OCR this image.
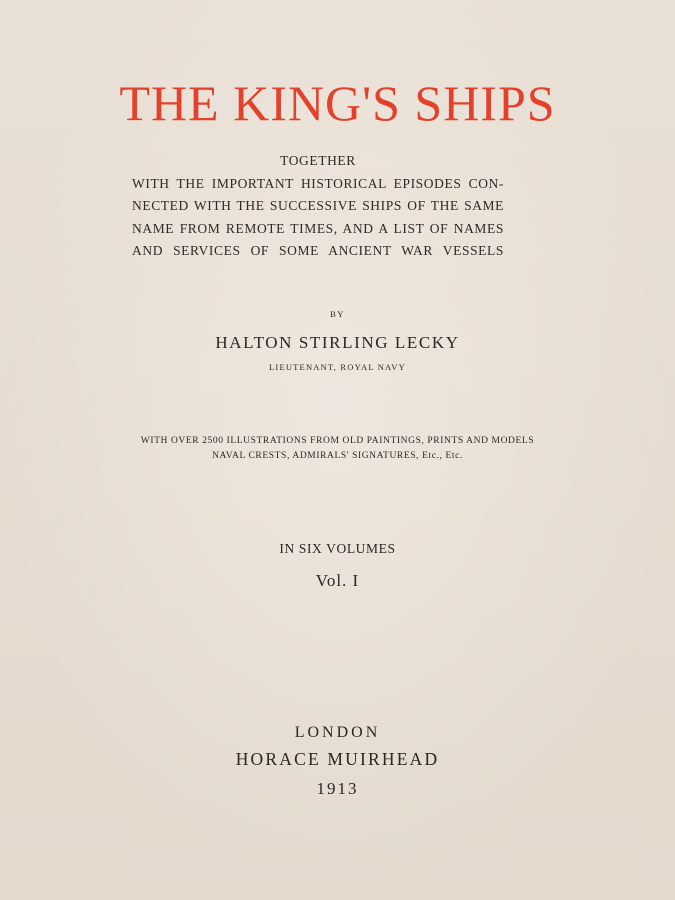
THE KING'S SHIPS
TOGETHER
WITH THE IMPORTANT HISTORICAL EPISODES CON-
NECTED WITH THE SUCCESSIVE SHIPS OF THE SAME
NAME FROM REMOTE TIMES, AND A LIST OF NAMES
AND SERVICES OF SOME ANCIENT WAR VESSELS
BY
HALTON STIRLING LECKY
LIEUTENANT, ROYAL NAVY
WITH OVER 2500 ILLUSTRATIONS FROM OLD PAINTINGS, PRINTS AND MODELS
NAVAL CRESTS, ADMIRALS' SIGNATURES, Etc., Etc.
IN SIX VOLUMES
Vol. I
LONDON
HORACE MUIRHEAD
1913
